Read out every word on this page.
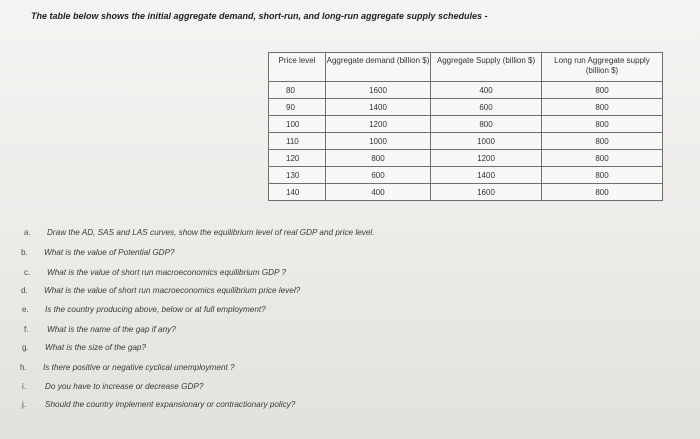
The table below shows the initial aggregate demand, short-run, and long-run aggregate supply schedules -
Price level	Aggregate demand (billion $)	Aggregate Supply (billion $)	Long run Aggregate supply (billion $)
80	1600	400	800
90	1400	600	800
100	1200	800	800
110	1000	1000	800
120	800	1200	800
130	600	1400	800
140	400	1600	800
a. Draw the AD, SAS and LAS curves, show the equilibrium level of real GDP and price level.
b. What is the value of Potential GDP?
c. What is the value of short run macroeconomics equilibrium GDP ?
d. What is the value of short run macroeconomics equilibrium price level?
e. Is the country producing above, below or at full employment?
f. What is the name of the gap if any?
g. What is the size of the gap?
h. Is there positive or negative cyclical unemployment ?
i. Do you have to increase or decrease GDP?
j. Should the country implement expansionary or contractionary policy?
